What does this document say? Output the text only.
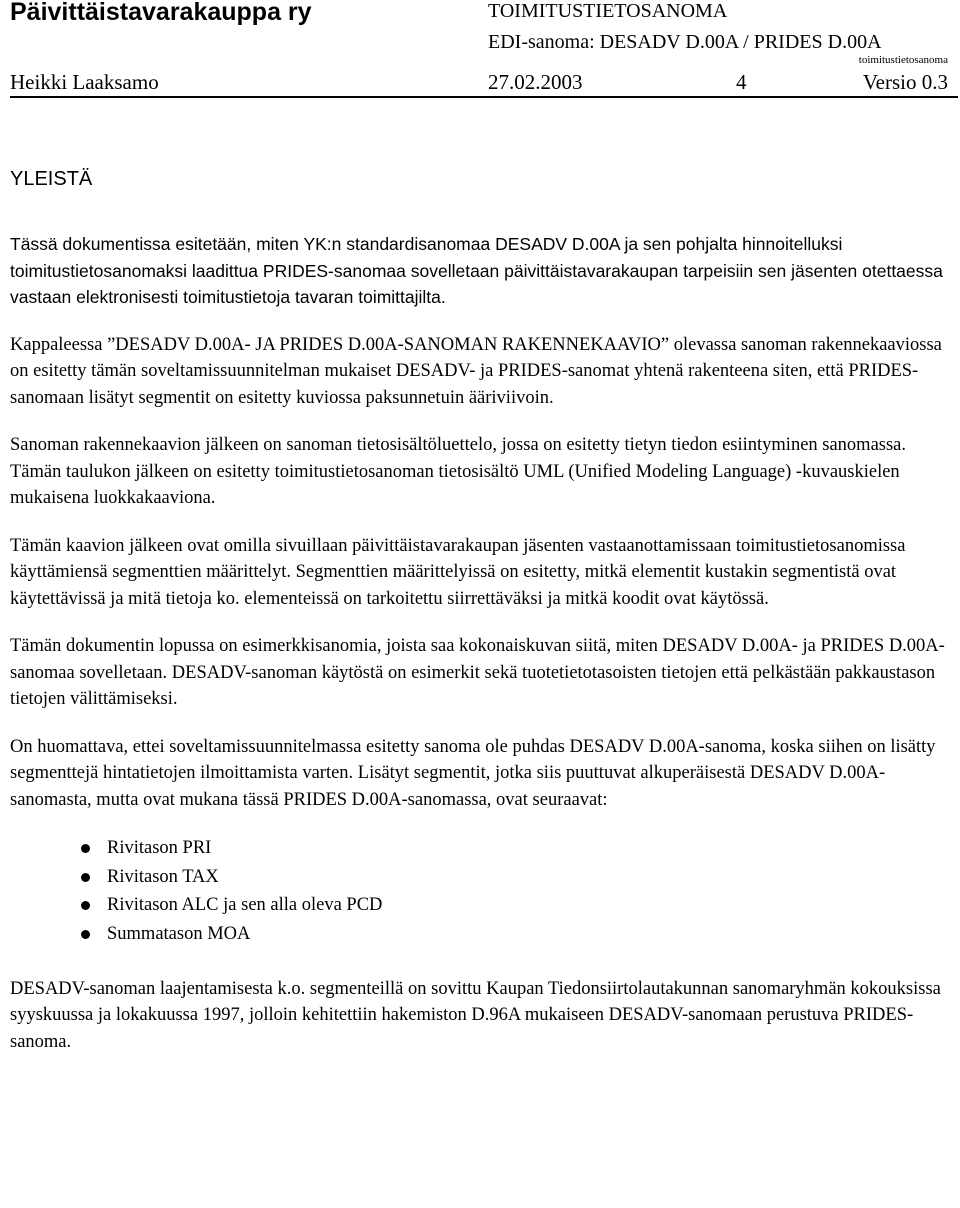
Päivittäistavarakauppa ry	TOIMITUSTIETOSANOMA
EDI-sanoma: DESADV D.00A / PRIDES D.00A
toimitustietosanoma
Heikki Laaksamo	27.02.2003	4	Versio 0.3
YLEISTÄ

Tässä dokumentissa esitetään, miten YK:n standardisanomaa DESADV D.00A ja sen pohjalta hinnoitelluksi toimitustietosanomaksi laadittua PRIDES-sanomaa sovelletaan päivittäistavarakaupan tarpeisiin sen jäsenten otettaessa vastaan elektronisesti toimitustietoja tavaran toimittajilta.

Kappaleessa ”DESADV D.00A- JA PRIDES D.00A-SANOMAN RAKENNEKAAVIO” olevassa sanoman rakennekaaviossa on esitetty tämän soveltamissuunnitelman mukaiset DESADV- ja PRIDES-sanomat yhtenä rakenteena siten, että PRIDES-sanomaan lisätyt segmentit on esitetty kuviossa paksunnetuin ääriviivoin.

Sanoman rakennekaavion jälkeen on sanoman tietosisältöluettelo, jossa on esitetty tietyn tiedon esiintyminen sanomassa. Tämän taulukon jälkeen on esitetty toimitustietosanoman tietosisältö UML (Unified Modeling Language) -kuvauskielen mukaisena luokkakaaviona.

Tämän kaavion jälkeen ovat omilla sivuillaan päivittäistavarakaupan jäsenten vastaanottamissaan toimitustietosanomissa käyttämiensä segmenttien määrittelyt. Segmenttien määrittelyissä on esitetty, mitkä elementit kustakin segmentistä ovat käytettävissä ja mitä tietoja ko. elementeissä on tarkoitettu siirrettäväksi ja mitkä koodit ovat käytössä.

Tämän dokumentin lopussa on esimerkkisanomia, joista saa kokonaiskuvan siitä, miten DESADV D.00A- ja PRIDES D.00A-sanomaa sovelletaan. DESADV-sanoman käytöstä on esimerkit sekä tuotetietotasoisten tietojen että pelkästään pakkaustason tietojen välittämiseksi.

On huomattava, ettei soveltamissuunnitelmassa esitetty sanoma ole puhdas DESADV D.00A-sanoma, koska siihen on lisätty segmenttejä hintatietojen ilmoittamista varten. Lisätyt segmentit, jotka siis puuttuvat alkuperäisestä DESADV D.00A-sanomasta, mutta ovat mukana tässä PRIDES D.00A-sanomassa, ovat seuraavat:

Rivitason PRI
Rivitason TAX
Rivitason ALC ja sen alla oleva PCD
Summatason MOA

DESADV-sanoman laajentamisesta k.o. segmenteillä on sovittu Kaupan Tiedonsiirtolautakunnan sanomaryhmän kokouksissa syyskuussa ja lokakuussa 1997, jolloin kehitettiin hakemiston D.96A mukaiseen DESADV-sanomaan perustuva PRIDES-sanoma.
